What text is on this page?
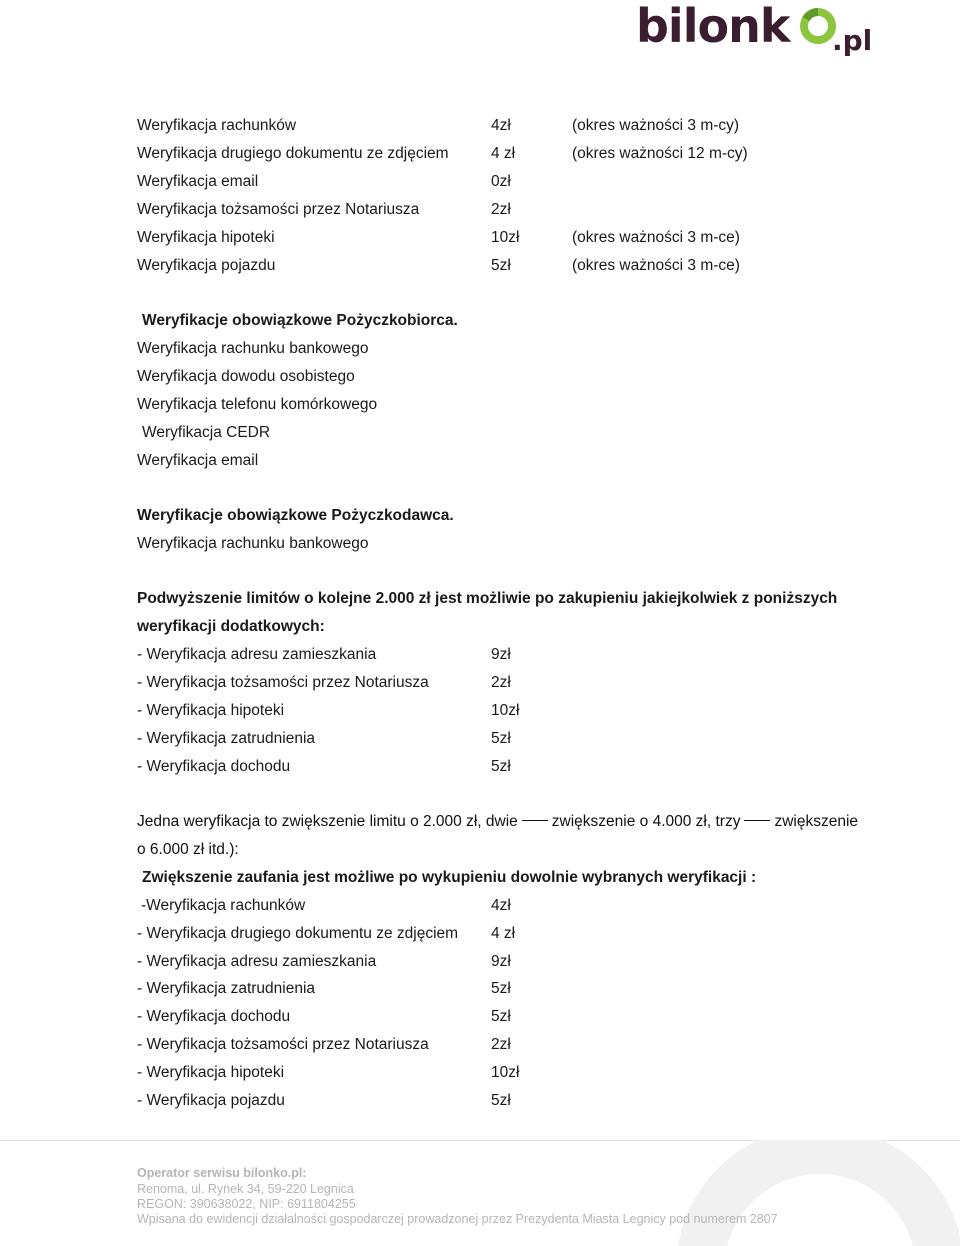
bilonk .pl
Weryfikacja rachunków	4zł	(okres ważności 3 m-cy)
Weryfikacja drugiego dokumentu ze zdjęciem	4 zł	(okres ważności 12 m-cy)
Weryfikacja email	0zł
Weryfikacja tożsamości przez Notariusza	2zł
Weryfikacja hipoteki	10zł	(okres ważności 3 m-ce)
Weryfikacja pojazdu	5zł	(okres ważności 3 m-ce)
Weryfikacje obowiązkowe Pożyczkobiorca.
Weryfikacja rachunku bankowego
Weryfikacja dowodu osobistego
Weryfikacja telefonu komórkowego
Weryfikacja CEDR
Weryfikacja email
Weryfikacje obowiązkowe Pożyczkodawca.
Weryfikacja rachunku bankowego
Podwyższenie limitów o kolejne 2.000 zł jest możliwie po zakupieniu jakiejkolwiek z poniższych
weryfikacji dodatkowych:
- Weryfikacja adresu zamieszkania	9zł
- Weryfikacja tożsamości przez Notariusza	2zł
- Weryfikacja hipoteki	10zł
- Weryfikacja zatrudnienia	5zł
- Weryfikacja dochodu	5zł
Jedna weryfikacja to zwiększenie limitu o 2.000 zł, dwie zwiększenie o 4.000 zł, trzy zwiększenie
o 6.000 zł itd.):
Zwiększenie zaufania jest możliwe po wykupieniu dowolnie wybranych weryfikacji :
-Weryfikacja rachunków	4zł
- Weryfikacja drugiego dokumentu ze zdjęciem 4 zł
- Weryfikacja adresu zamieszkania	9zł
- Weryfikacja zatrudnienia	5zł
- Weryfikacja dochodu	5zł
- Weryfikacja tożsamości przez Notariusza	2zł
- Weryfikacja hipoteki	10zł
- Weryfikacja pojazdu	5zł
Operator serwisu bilonko.pl:
Renoma, ul. Rynek 34, 59-220 Legnica
REGON: 390638022, NIP: 6911804255
Wpisana do ewidencji działalności gospodarczej prowadzonej przez Prezydenta Miasta Legnicy pod numerem 2807
